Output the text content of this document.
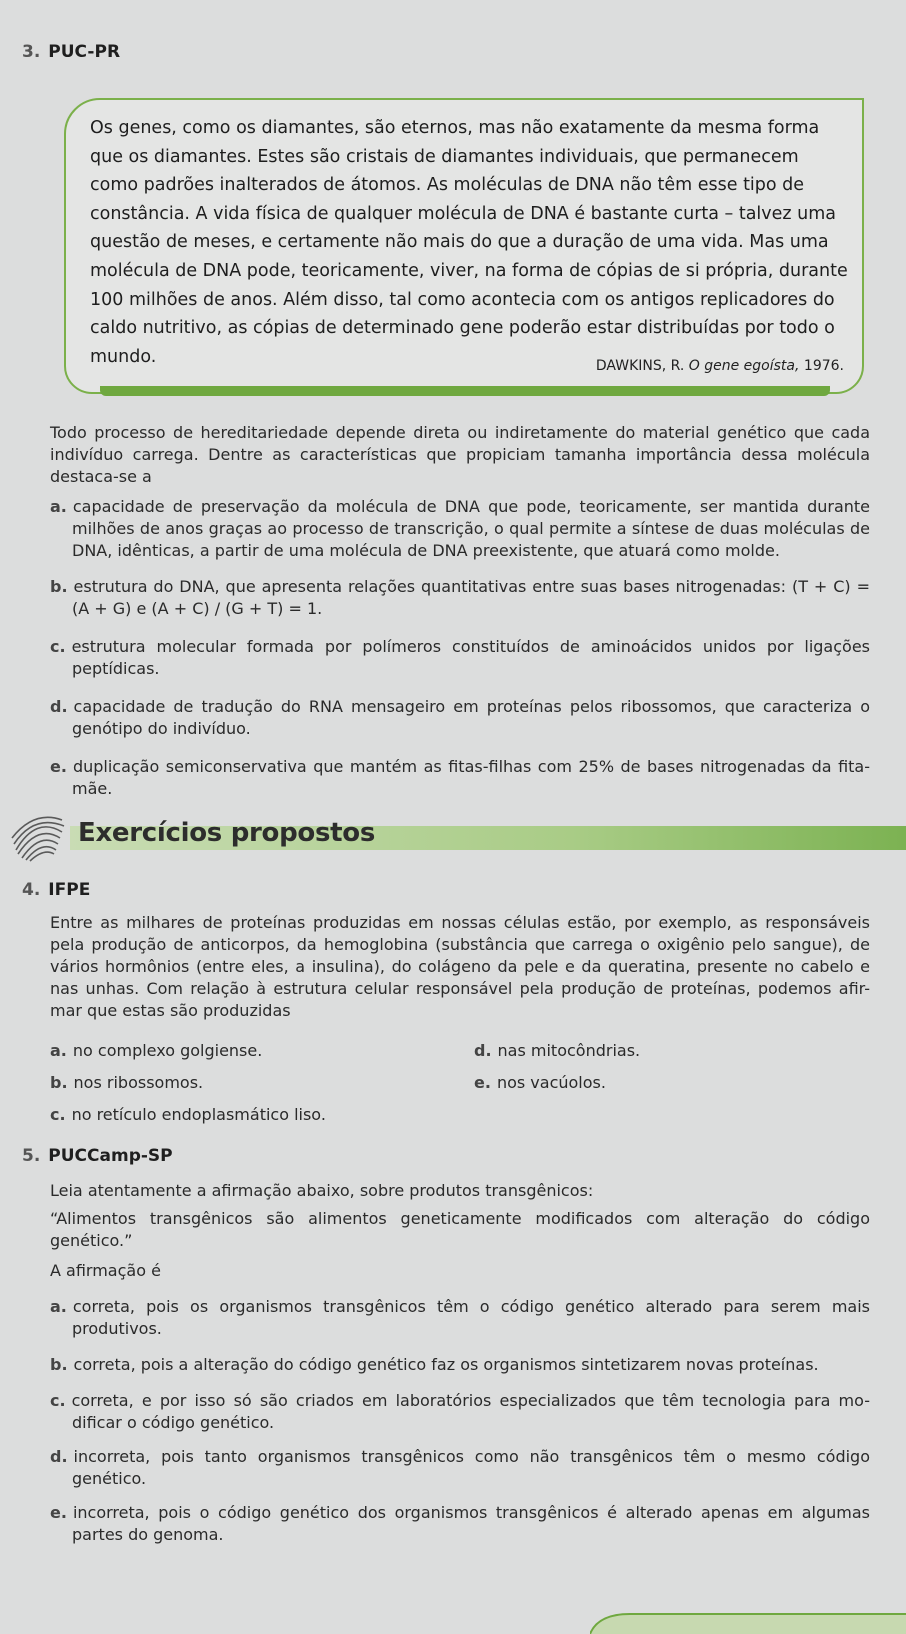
3. PUC-PR
Os genes, como os diamantes, são eternos, mas não exatamente da mesma forma que os diamantes. Estes são cristais de diamantes individuais, que permanecem como padrões inalterados de átomos. As moléculas de DNA não têm esse tipo de constância. A vida física de qualquer molécula de DNA é bastante curta – talvez uma questão de meses, e certamente não mais do que a duração de uma vida. Mas uma molécula de DNA pode, teoricamente, viver, na forma de cópias de si própria, durante 100 milhões de anos. Além disso, tal como acontecia com os antigos replicadores do caldo nutritivo, as cópias de determinado gene poderão estar distribuídas por todo o mundo.	DAWKINS, R. O gene egoísta, 1976.
Todo processo de hereditariedade depende direta ou indiretamente do material genético que cada indivíduo carrega. Dentre as características que propiciam tamanha importância dessa molécula destaca-se a
a. capacidade de preservação da molécula de DNA que pode, teoricamente, ser mantida durante milhões de anos graças ao processo de transcrição, o qual permite a síntese de duas moléculas de DNA, idênticas, a partir de uma molécula de DNA preexistente, que atuará como molde.
b. estrutura do DNA, que apresenta relações quantitativas entre suas bases nitrogenadas: (T + C) = (A + G) e (A + C) / (G + T) = 1.
c. estrutura molecular formada por polímeros constituídos de aminoácidos unidos por ligações peptídicas.
d. capacidade de tradução do RNA mensageiro em proteínas pelos ribossomos, que caracteriza o genótipo do indivíduo.
e. duplicação semiconservativa que mantém as fitas-filhas com 25% de bases nitrogenadas da fita-mãe.
Exercícios propostos
4. IFPE
Entre as milhares de proteínas produzidas em nossas células estão, por exemplo, as responsáveis pela produção de anticorpos, da hemoglobina (substância que carrega o oxigênio pelo sangue), de vários hormônios (entre eles, a insulina), do colágeno da pele e da queratina, presente no cabelo e nas unhas. Com relação à estrutura celular responsável pela produção de proteínas, podemos afir-mar que estas são produzidas
a. no complexo golgiense.
b. nos ribossomos.
c. no retículo endoplasmático liso.
d. nas mitocôndrias.
e. nos vacúolos.
5. PUCCamp-SP
Leia atentamente a afirmação abaixo, sobre produtos transgênicos:
“Alimentos transgênicos são alimentos geneticamente modificados com alteração do código genético.”
A afirmação é
a. correta, pois os organismos transgênicos têm o código genético alterado para serem mais produtivos.
b. correta, pois a alteração do código genético faz os organismos sintetizarem novas proteínas.
c. correta, e por isso só são criados em laboratórios especializados que têm tecnologia para mo-dificar o código genético.
d. incorreta, pois tanto organismos transgênicos como não transgênicos têm o mesmo código genético.
e. incorreta, pois o código genético dos organismos transgênicos é alterado apenas em algumas partes do genoma.
